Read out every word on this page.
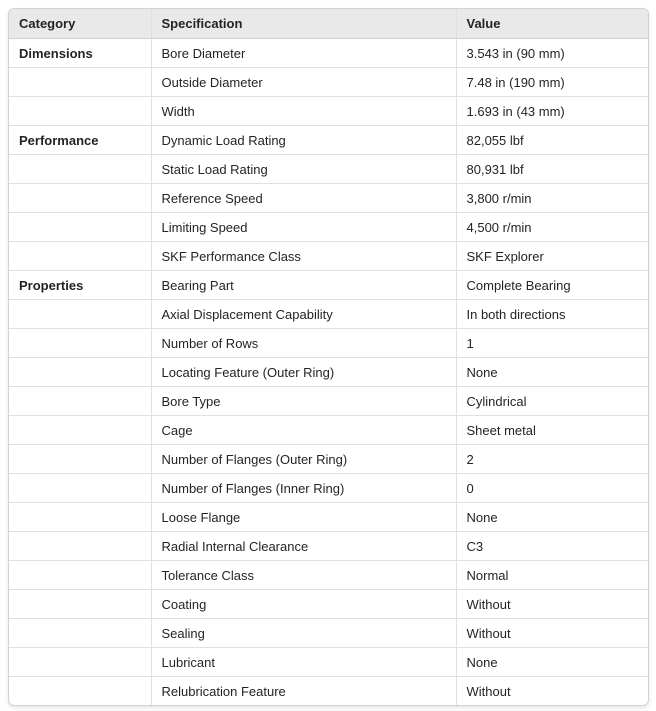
Category	Specification	Value
Dimensions	Bore Diameter	3.543 in (90 mm)
	Outside Diameter	7.48 in (190 mm)
	Width	1.693 in (43 mm)
Performance	Dynamic Load Rating	82,055 lbf
	Static Load Rating	80,931 lbf
	Reference Speed	3,800 r/min
	Limiting Speed	4,500 r/min
	SKF Performance Class	SKF Explorer
Properties	Bearing Part	Complete Bearing
	Axial Displacement Capability	In both directions
	Number of Rows	1
	Locating Feature (Outer Ring)	None
	Bore Type	Cylindrical
	Cage	Sheet metal
	Number of Flanges (Outer Ring)	2
	Number of Flanges (Inner Ring)	0
	Loose Flange	None
	Radial Internal Clearance	C3
	Tolerance Class	Normal
	Coating	Without
	Sealing	Without
	Lubricant	None
	Relubrication Feature	Without
